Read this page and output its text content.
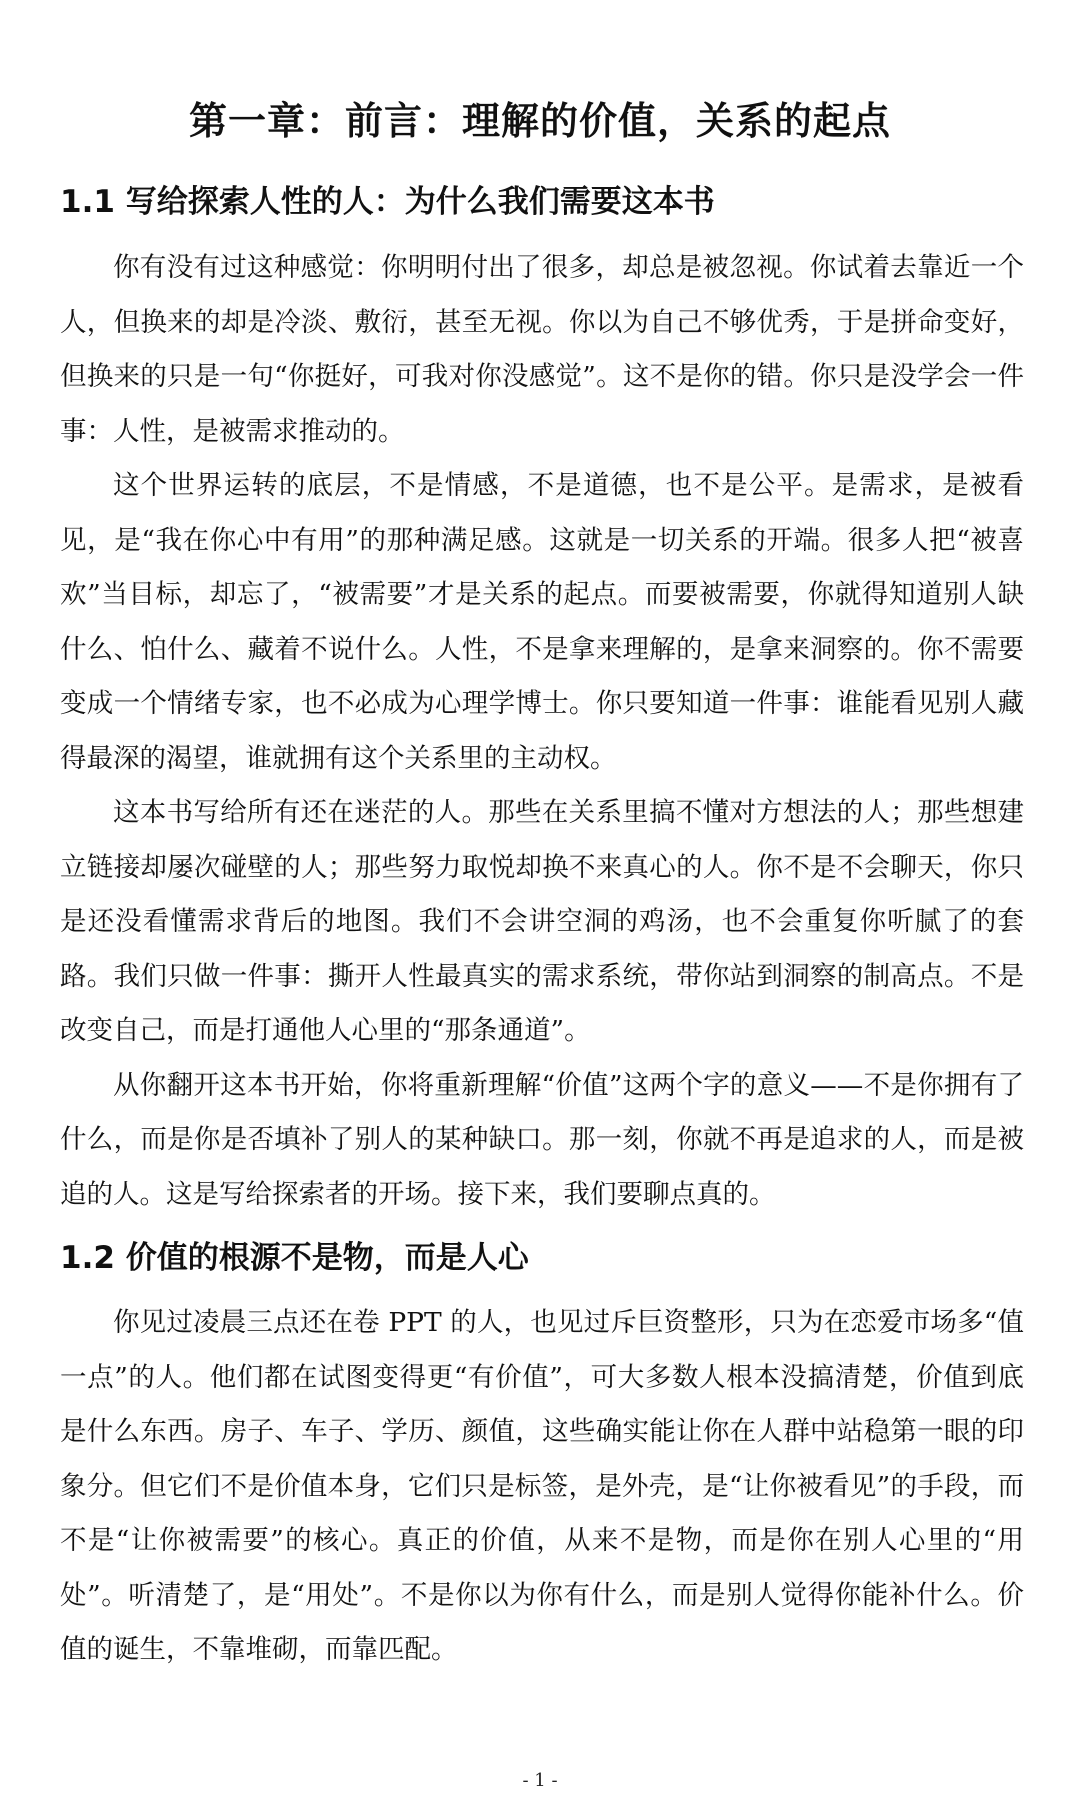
第一章：前言：理解的价值，关系的起点
1.1 写给探索人性的人：为什么我们需要这本书

你有没有过这种感觉：你明明付出了很多，却总是被忽视。你试着去靠近一个人，但换来的却是冷淡、敷衍，甚至无视。你以为自己不够优秀，于是拼命变好，但换来的只是一句“你挺好，可我对你没感觉”。这不是你的错。你只是没学会一件事：人性，是被需求推动的。

这个世界运转的底层，不是情感，不是道德，也不是公平。是需求，是被看见，是“我在你心中有用”的那种满足感。这就是一切关系的开端。很多人把“被喜欢”当目标，却忘了，“被需要”才是关系的起点。而要被需要，你就得知道别人缺什么、怕什么、藏着不说什么。人性，不是拿来理解的，是拿来洞察的。你不需要变成一个情绪专家，也不必成为心理学博士。你只要知道一件事：谁能看见别人藏得最深的渴望，谁就拥有这个关系里的主动权。

这本书写给所有还在迷茫的人。那些在关系里搞不懂对方想法的人；那些想建立链接却屡次碰壁的人；那些努力取悦却换不来真心的人。你不是不会聊天，你只是还没看懂需求背后的地图。我们不会讲空洞的鸡汤，也不会重复你听腻了的套路。我们只做一件事：撕开人性最真实的需求系统，带你站到洞察的制高点。不是改变自己，而是打通他人心里的“那条通道”。

从你翻开这本书开始，你将重新理解“价值”这两个字的意义——不是你拥有了什么，而是你是否填补了别人的某种缺口。那一刻，你就不再是追求的人，而是被追的人。这是写给探索者的开场。接下来，我们要聊点真的。

1.2 价值的根源不是物，而是人心

你见过凌晨三点还在卷 PPT 的人，也见过斥巨资整形，只为在恋爱市场多“值一点”的人。他们都在试图变得更“有价值”，可大多数人根本没搞清楚，价值到底是什么东西。房子、车子、学历、颜值，这些确实能让你在人群中站稳第一眼的印象分。但它们不是价值本身，它们只是标签，是外壳，是“让你被看见”的手段，而不是“让你被需要”的核心。真正的价值，从来不是物，而是你在别人心里的“用处”。听清楚了，是“用处”。不是你以为你有什么，而是别人觉得你能补什么。价值的诞生，不靠堆砌，而靠匹配。

- 1 -
